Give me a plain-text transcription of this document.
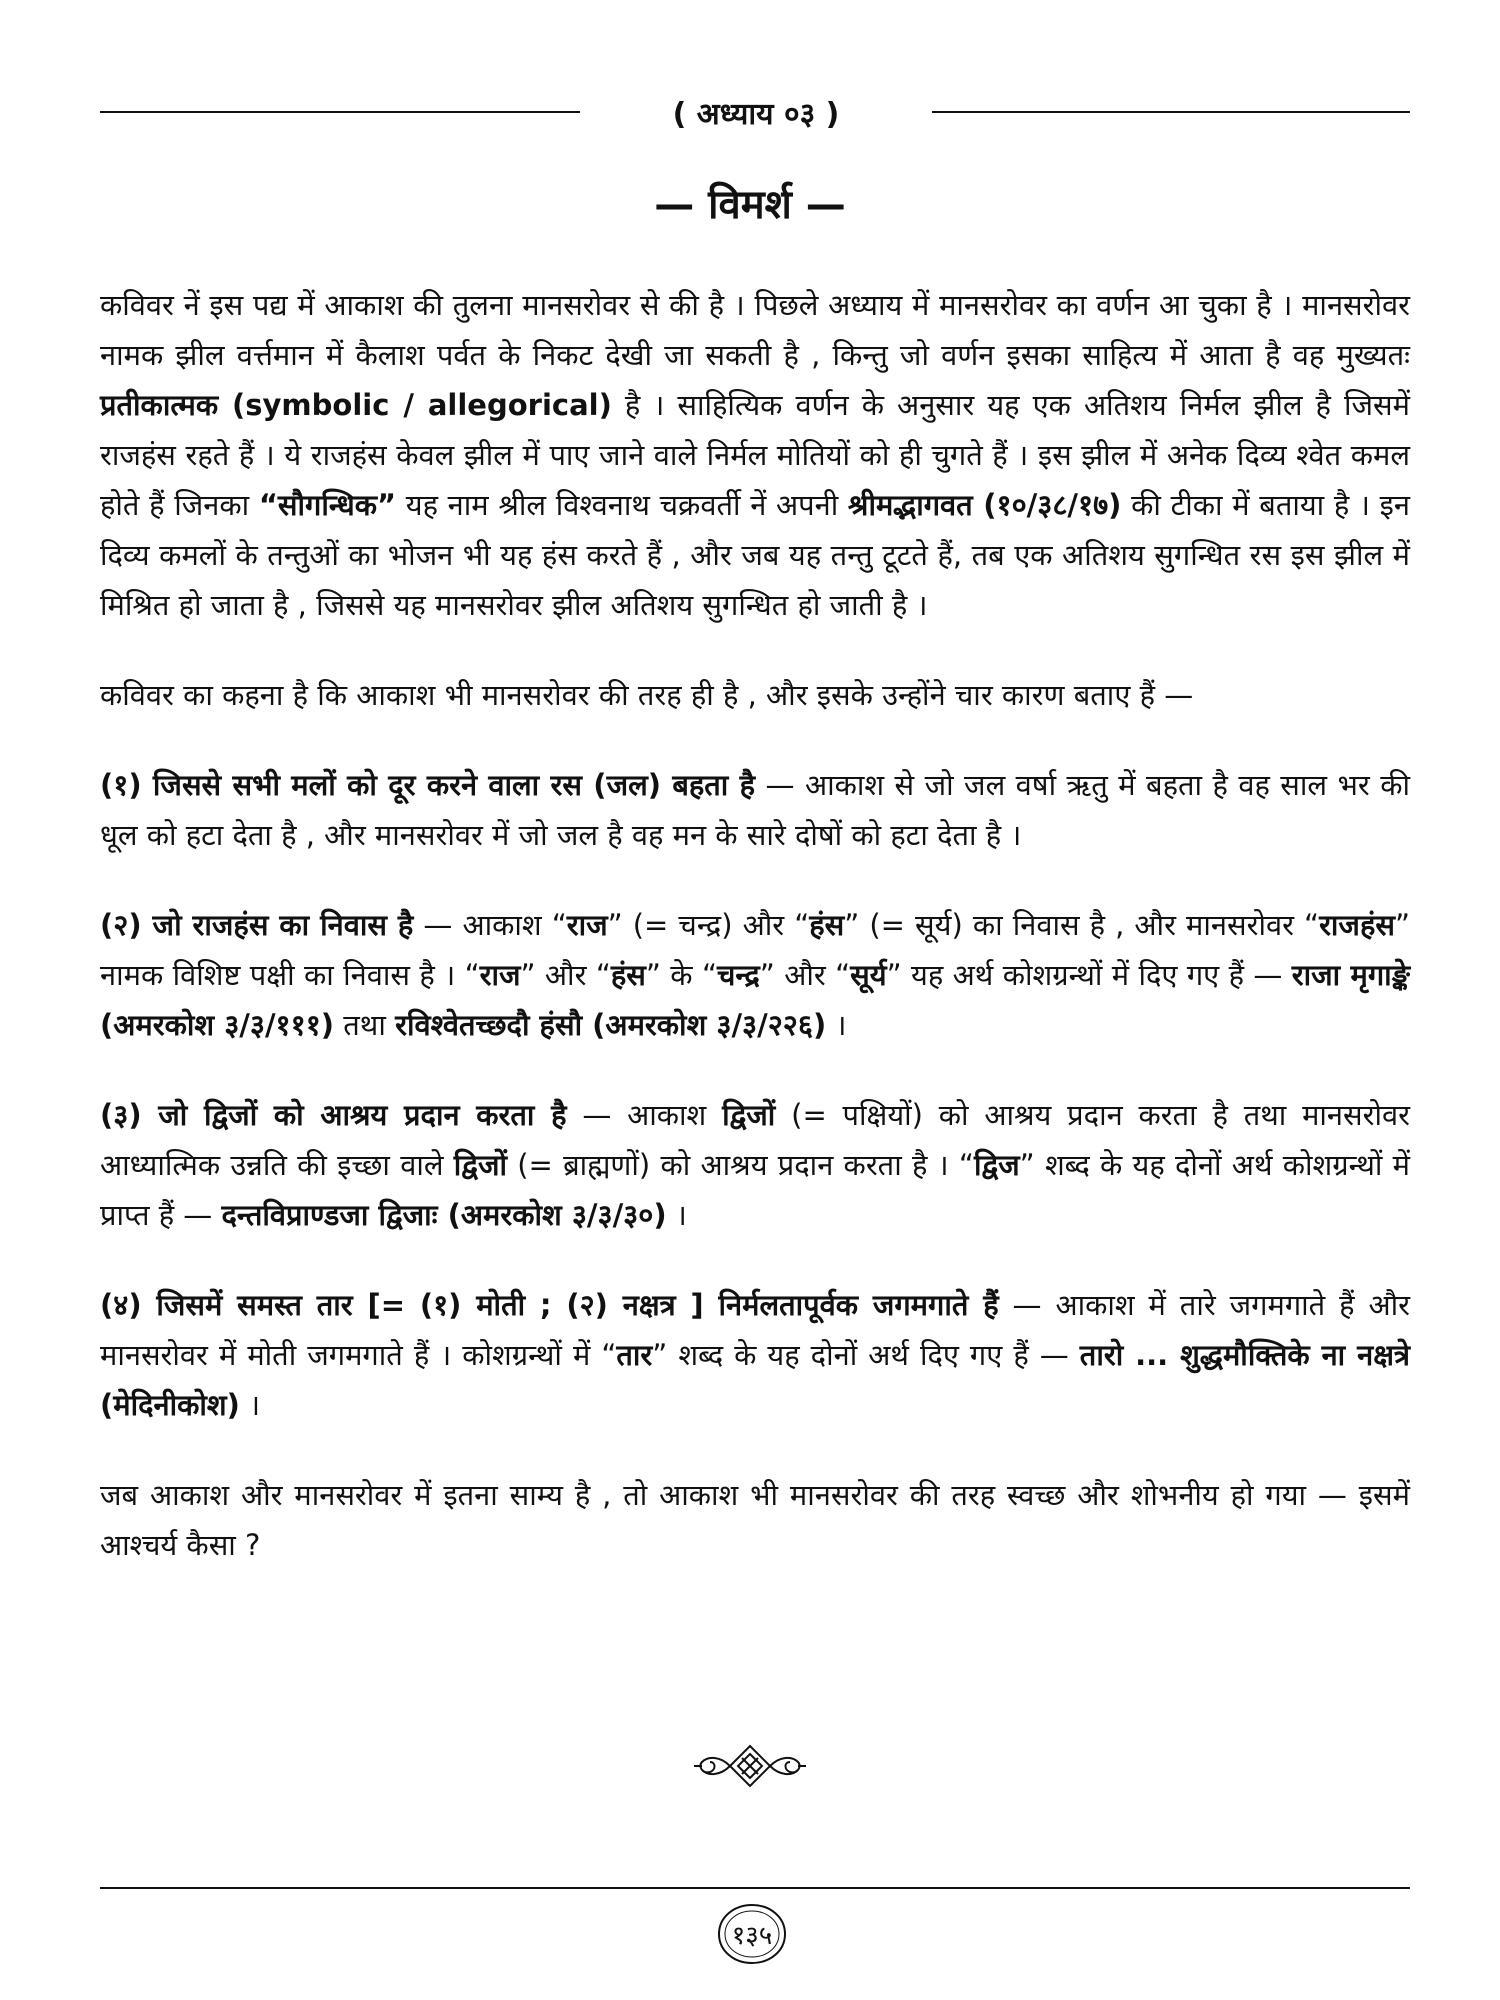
( अध्याय ०३ )
— विमर्श —

कविवर नें इस पद्य में आकाश की तुलना मानसरोवर से की है । पिछले अध्याय में मानसरोवर का वर्णन आ चुका है । मानसरोवर नामक झील वर्त्तमान में कैलाश पर्वत के निकट देखी जा सकती है , किन्तु जो वर्णन इसका साहित्य में आता है वह मुख्यतः प्रतीकात्मक (symbolic / allegorical) है । साहित्यिक वर्णन के अनुसार यह एक अतिशय निर्मल झील है जिसमें राजहंस रहते हैं । ये राजहंस केवल झील में पाए जाने वाले निर्मल मोतियों को ही चुगते हैं । इस झील में अनेक दिव्य श्वेत कमल होते हैं जिनका “सौगन्धिक” यह नाम श्रील विश्वनाथ चक्रवर्ती नें अपनी श्रीमद्भागवत (१०/३८/१७) की टीका में बताया है । इन दिव्य कमलों के तन्तुओं का भोजन भी यह हंस करते हैं , और जब यह तन्तु टूटते हैं, तब एक अतिशय सुगन्धित रस इस झील में मिश्रित हो जाता है , जिससे यह मानसरोवर झील अतिशय सुगन्धित हो जाती है ।

कविवर का कहना है कि आकाश भी मानसरोवर की तरह ही है , और इसके उन्होंने चार कारण बताए हैं —

(१) जिससे सभी मलों को दूर करने वाला रस (जल) बहता है — आकाश से जो जल वर्षा ऋतु में बहता है वह साल भर की धूल को हटा देता है , और मानसरोवर में जो जल है वह मन के सारे दोषों को हटा देता है ।

(२) जो राजहंस का निवास है — आकाश “राज” (= चन्द्र) और “हंस” (= सूर्य) का निवास है , और मानसरोवर “राजहंस” नामक विशिष्ट पक्षी का निवास है । “राज” और “हंस” के “चन्द्र” और “सूर्य” यह अर्थ कोशग्रन्थों में दिए गए हैं — राजा मृगाङ्के (अमरकोश ३/३/१११) तथा रविश्वेतच्छदौ हंसौ (अमरकोश ३/३/२२६) ।

(३) जो द्विजों को आश्रय प्रदान करता है — आकाश द्विजों (= पक्षियों) को आश्रय प्रदान करता है तथा मानसरोवर आध्यात्मिक उन्नति की इच्छा वाले द्विजों (= ब्राह्मणों) को आश्रय प्रदान करता है । “द्विज” शब्द के यह दोनों अर्थ कोशग्रन्थों में प्राप्त हैं — दन्तविप्राण्डजा द्विजाः (अमरकोश ३/३/३०) ।

(४) जिसमें समस्त तार [= (१) मोती ; (२) नक्षत्र ] निर्मलतापूर्वक जगमगाते हैं — आकाश में तारे जगमगाते हैं और मानसरोवर में मोती जगमगाते हैं । कोशग्रन्थों में “तार” शब्द के यह दोनों अर्थ दिए गए हैं — तारो ... शुद्धमौक्तिके ना नक्षत्रे (मेदिनीकोश) ।

जब आकाश और मानसरोवर में इतना साम्य है , तो आकाश भी मानसरोवर की तरह स्वच्छ और शोभनीय हो गया — इसमें आश्चर्य कैसा ?

१३५
